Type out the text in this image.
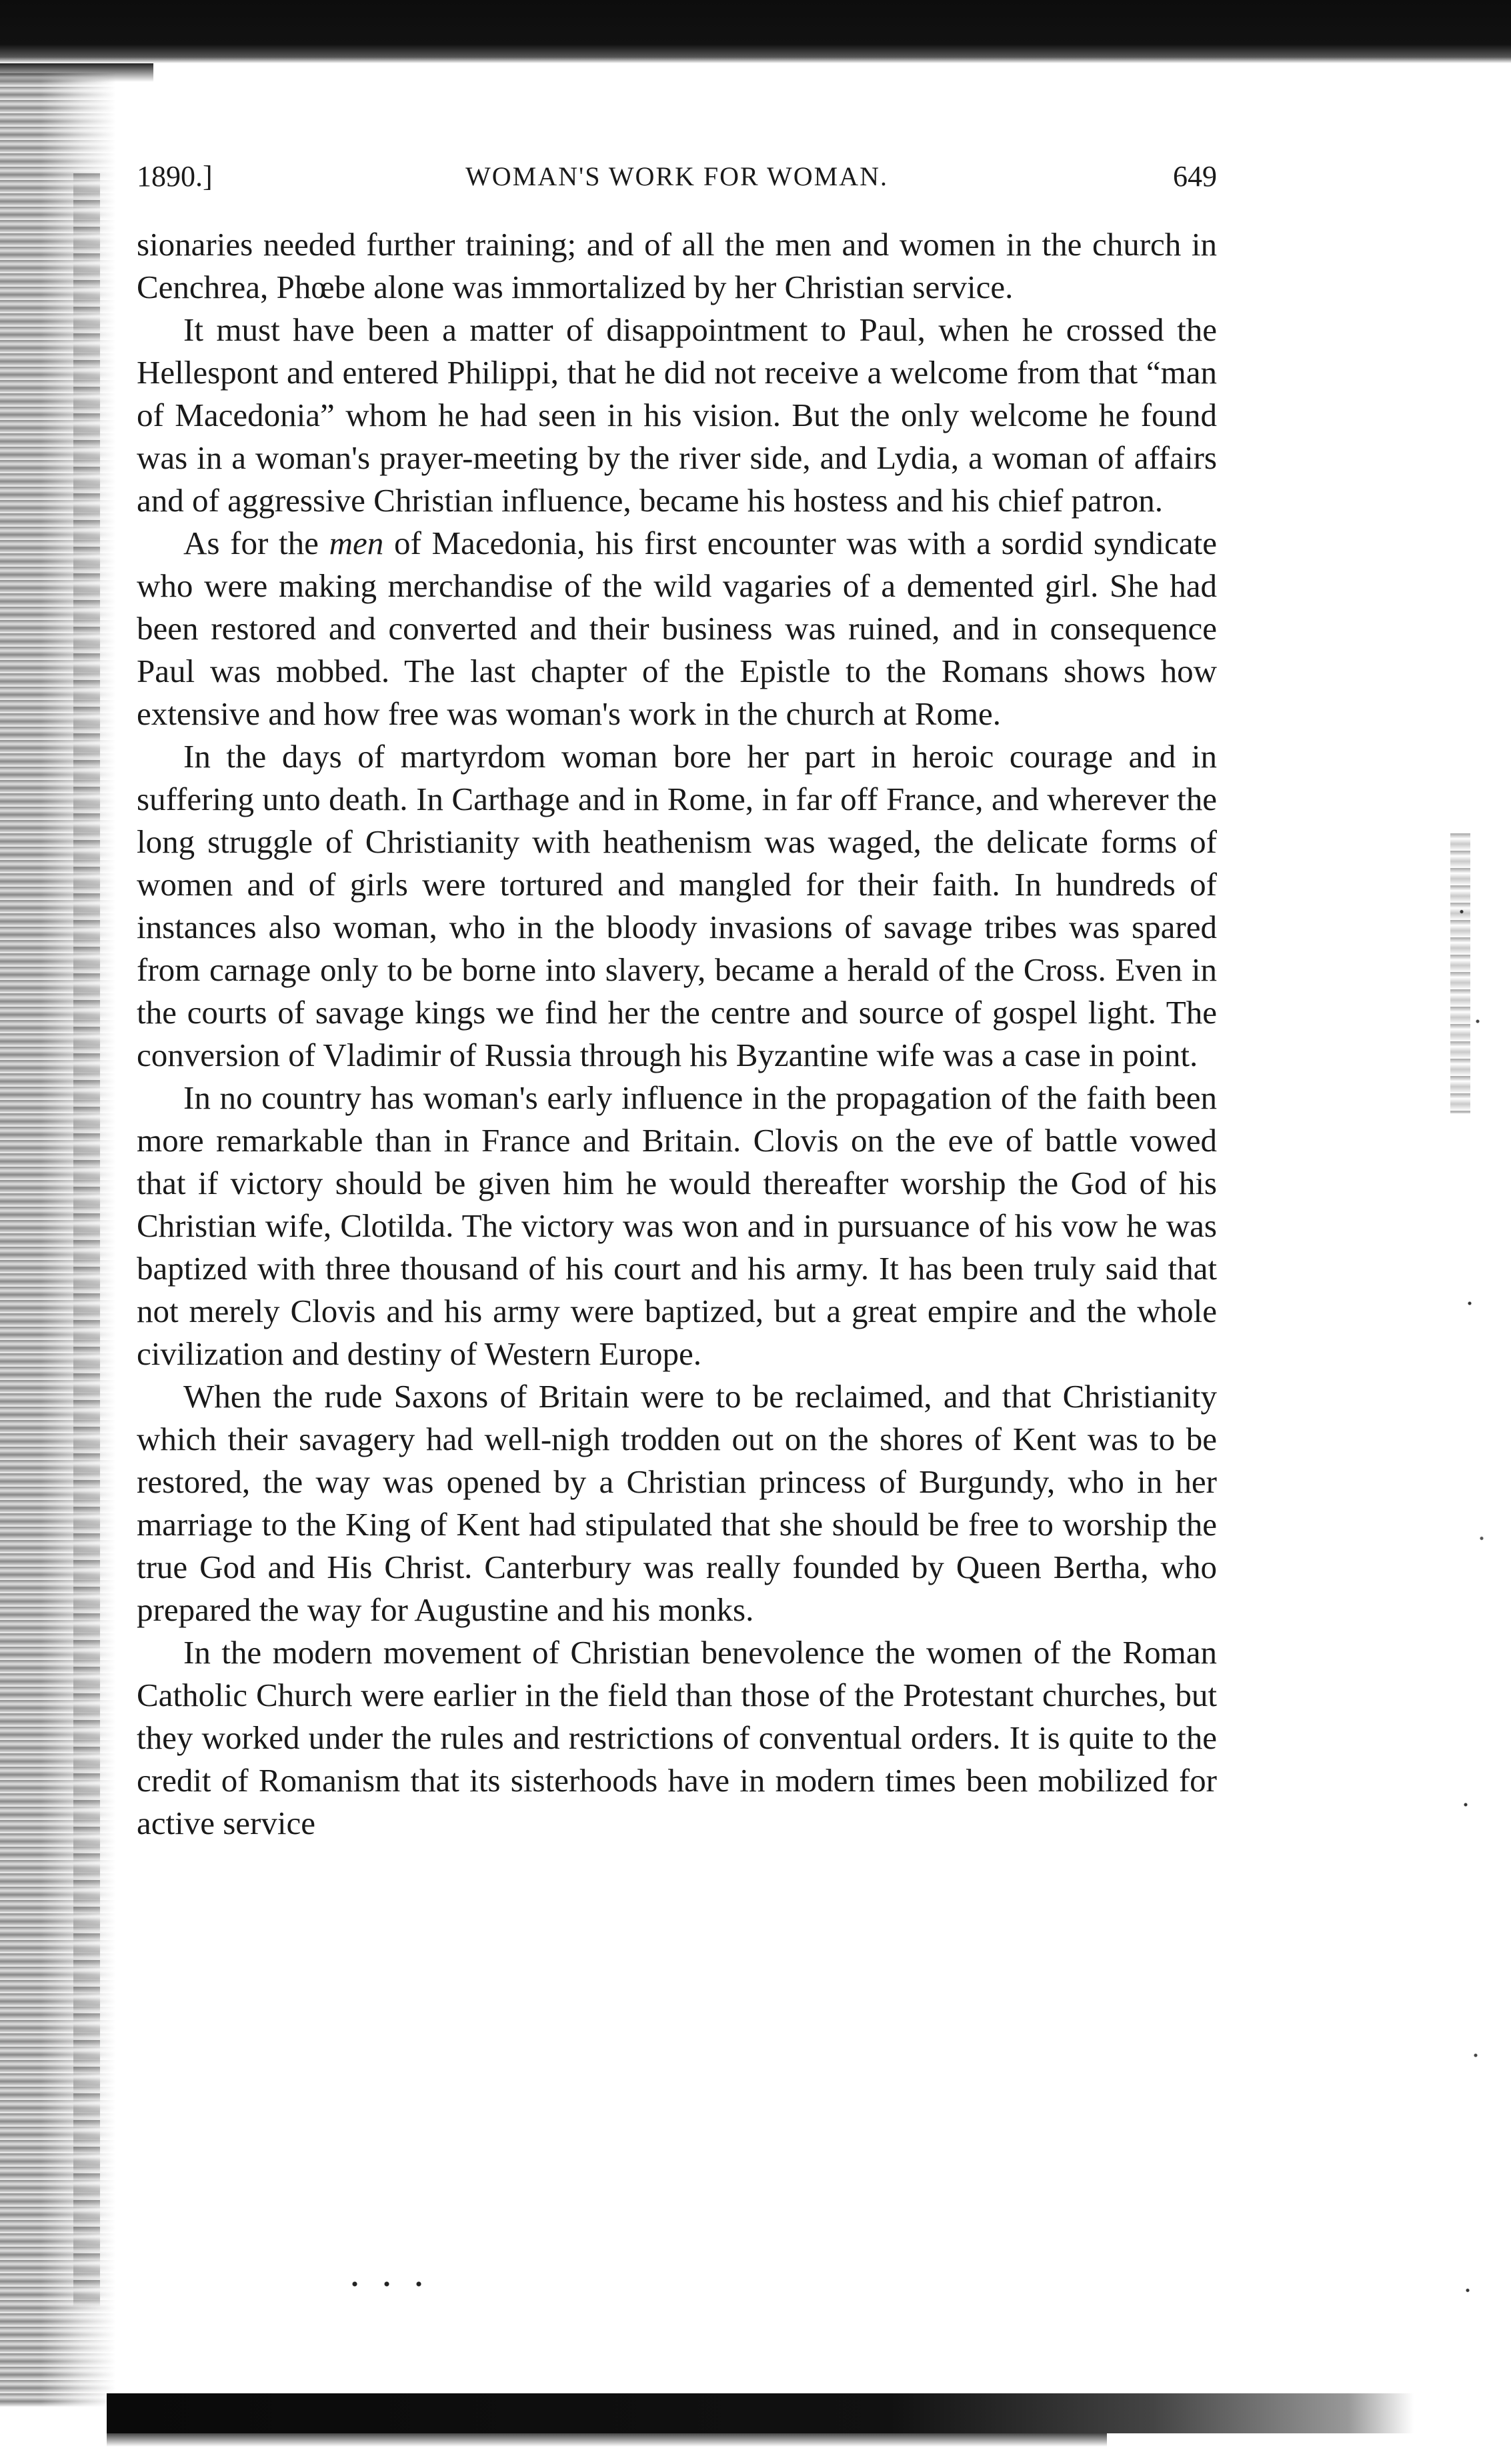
1890.]	WOMAN'S WORK FOR WOMAN.	649

sionaries needed further training; and of all the men and women in the church in Cenchrea, Phœbe alone was immortalized by her Christian service.

It must have been a matter of disappointment to Paul, when he crossed the Hellespont and entered Philippi, that he did not receive a welcome from that “man of Macedonia” whom he had seen in his vision. But the only welcome he found was in a woman's prayer-meeting by the river side, and Lydia, a woman of affairs and of aggressive Christian influence, became his hostess and his chief patron.

As for the men of Macedonia, his first encounter was with a sordid syndicate who were making merchandise of the wild vagaries of a demented girl. She had been restored and converted and their business was ruined, and in consequence Paul was mobbed. The last chapter of the Epistle to the Romans shows how extensive and how free was woman's work in the church at Rome.

In the days of martyrdom woman bore her part in heroic courage and in suffering unto death. In Carthage and in Rome, in far off France, and wherever the long struggle of Christianity with heathenism was waged, the delicate forms of women and of girls were tortured and mangled for their faith. In hundreds of instances also woman, who in the bloody invasions of savage tribes was spared from carnage only to be borne into slavery, became a herald of the Cross. Even in the courts of savage kings we find her the centre and source of gospel light. The conversion of Vladimir of Russia through his Byzantine wife was a case in point.

In no country has woman's early influence in the propagation of the faith been more remarkable than in France and Britain. Clovis on the eve of battle vowed that if victory should be given him he would thereafter worship the God of his Christian wife, Clotilda. The victory was won and in pursuance of his vow he was baptized with three thousand of his court and his army. It has been truly said that not merely Clovis and his army were baptized, but a great empire and the whole civilization and destiny of Western Europe.

When the rude Saxons of Britain were to be reclaimed, and that Christianity which their savagery had well-nigh trodden out on the shores of Kent was to be restored, the way was opened by a Christian princess of Burgundy, who in her marriage to the King of Kent had stipulated that she should be free to worship the true God and His Christ. Canterbury was really founded by Queen Bertha, who prepared the way for Augustine and his monks.

In the modern movement of Christian benevolence the women of the Roman Catholic Church were earlier in the field than those of the Protestant churches, but they worked under the rules and restrictions of conventual orders. It is quite to the credit of Romanism that its sisterhoods have in modern times been mobilized for active service
